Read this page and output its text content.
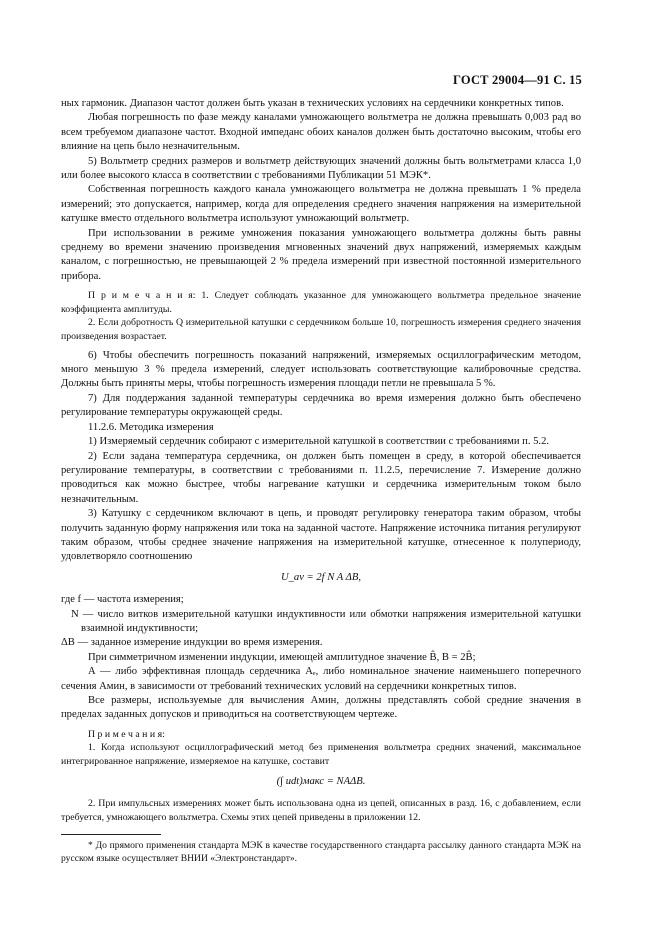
ГОСТ 29004—91 С. 15

ных гармоник. Диапазон частот должен быть указан в технических условиях на сердечники конкретных типов.

Любая погрешность по фазе между каналами умножающего вольтметра не должна превышать 0,003 рад во всем требуемом диапазоне частот. Входной импеданс обоих каналов должен быть достаточно высоким, чтобы его влияние на цепь было незначительным.

5) Вольтметр средних размеров и вольтметр действующих значений должны быть вольтметрами класса 1,0 или более высокого класса в соответствии с требованиями Публикации 51 МЭК*.

Собственная погрешность каждого канала умножающего вольтметра не должна превышать 1 % предела измерений; это допускается, например, когда для определения среднего значения напряжения на измерительной катушке вместо отдельного вольтметра используют умножающий вольтметр.

При использовании в режиме умножения показания умножающего вольтметра должны быть равны среднему во времени значению произведения мгновенных значений двух напряжений, измеряемых каждым каналом, с погрешностью, не превышающей 2 % предела измерений при известной постоянной измерительного прибора.

П р и м е ч а н и я: 1. Следует соблюдать указанное для умножающего вольтметра предельное значение коэффициента амплитуды.

2. Если добротность Q измерительной катушки с сердечником больше 10, погрешность измерения среднего значения произведения возрастает.

6) Чтобы обеспечить погрешность показаний напряжений, измеряемых осциллографическим методом, много меньшую 3 % предела измерений, следует использовать соответствующие калибровочные средства. Должны быть приняты меры, чтобы погрешность измерения площади петли не превышала 5 %.

7) Для поддержания заданной температуры сердечника во время измерения должно быть обеспечено регулирование температуры окружающей среды.

11.2.6. Методика измерения

1) Измеряемый сердечник собирают с измерительной катушкой в соответствии с требованиями п. 5.2.

2) Если задана температура сердечника, он должен быть помещен в среду, в которой обеспечивается регулирование температуры, в соответствии с требованиями п. 11.2.5, перечисление 7. Измерение должно проводиться как можно быстрее, чтобы нагревание катушки и сердечника измерительным током было незначительным.

3) Катушку с сердечником включают в цепь, и проводят регулировку генератора таким образом, чтобы получить заданную форму напряжения или тока на заданной частоте. Напряжение источника питания регулируют таким образом, чтобы среднее значение напряжения на измерительной катушке, отнесенное к полупериоду, удовлетворяло соотношению

U_av = 2f N A ΔB,

где f — частота измерения;

N — число витков измерительной катушки индуктивности или обмотки напряжения измерительной катушки взаимной индуктивности;

ΔB — заданное измерение индукции во время измерения.

При симметричном изменении индукции, имеющей амплитудное значение B̂, B = 2B̂;

A — либо эффективная площадь сердечника Aₑ, либо номинальное значение наименьшего поперечного сечения Aмин, в зависимости от требований технических условий на сердечники конкретных типов.

Все размеры, используемые для вычисления Aмин, должны представлять собой средние значения в пределах заданных допусков и приводиться на соответствующем чертеже.

П р и м е ч а н и я:

1. Когда используют осциллографический метод без применения вольтметра средних значений, максимальное интегрированное напряжение, измеряемое на катушке, составит

(∫ udt)макс = NAΔB.

2. При импульсных измерениях может быть использована одна из цепей, описанных в разд. 16, с добавлением, если требуется, умножающего вольтметра. Схемы этих цепей приведены в приложении 12.

* До прямого применения стандарта МЭК в качестве государственного стандарта рассылку данного стандарта МЭК на русском языке осуществляет ВНИИ «Электронстандарт».
